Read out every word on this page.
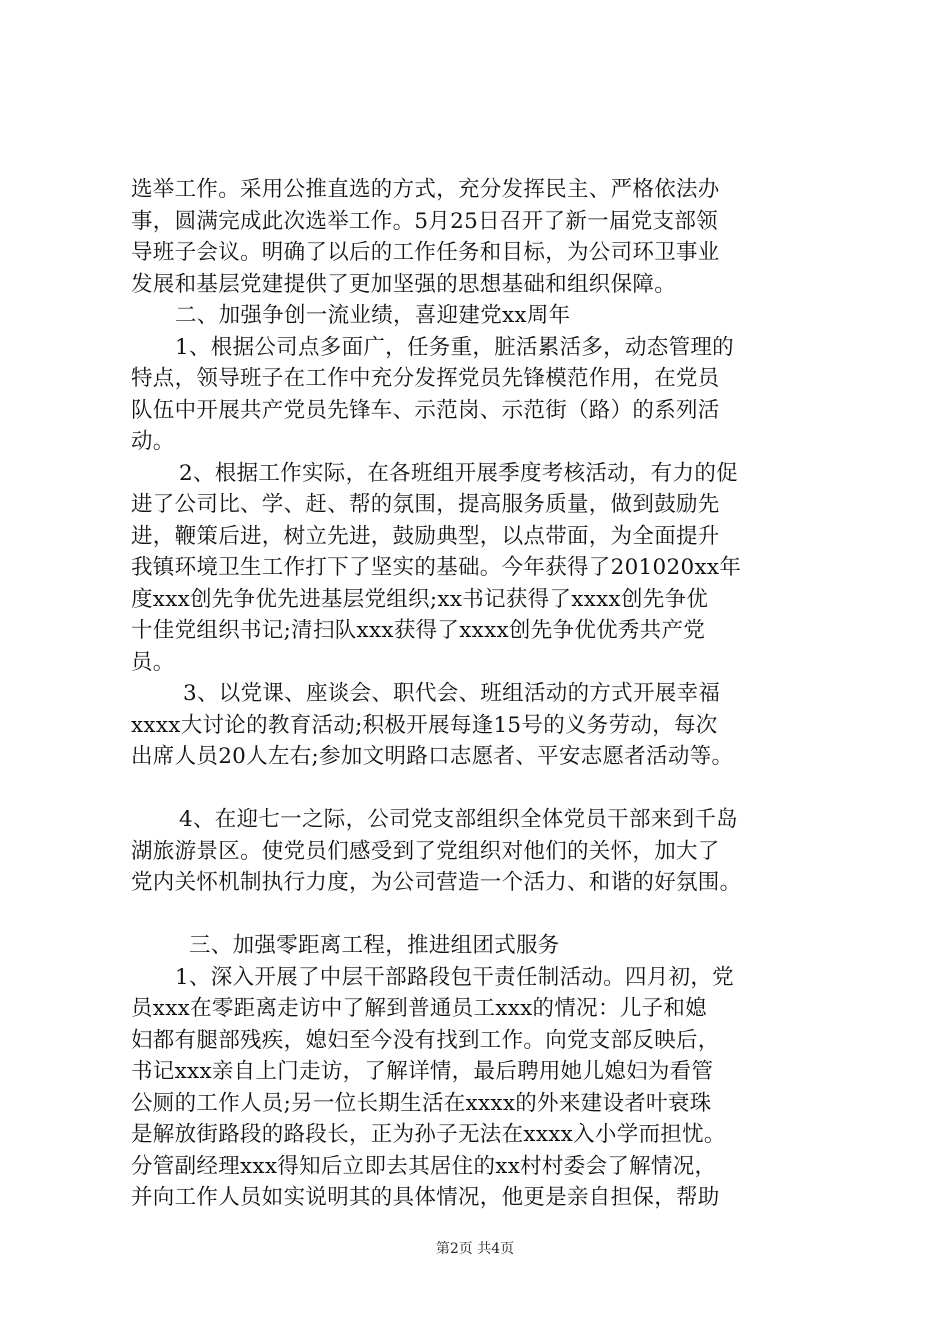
选举工作。采用公推直选的方式，充分发挥民主、严格依法办
事，圆满完成此次选举工作。5月25日召开了新一届党支部领
导班子会议。明确了以后的工作任务和目标，为公司环卫事业
发展和基层党建提供了更加坚强的思想基础和组织保障。
二、加强争创一流业绩，喜迎建党xx周年
1、根据公司点多面广，任务重，脏活累活多，动态管理的
特点，领导班子在工作中充分发挥党员先锋模范作用，在党员
队伍中开展共产党员先锋车、示范岗、示范街（路）的系列活
动。
2、根据工作实际，在各班组开展季度考核活动，有力的促
进了公司比、学、赶、帮的氛围，提高服务质量，做到鼓励先
进，鞭策后进，树立先进，鼓励典型，以点带面，为全面提升
我镇环境卫生工作打下了坚实的基础。今年获得了201020xx年
度xxx创先争优先进基层党组织;xx书记获得了xxxx创先争优
十佳党组织书记;清扫队xxx获得了xxxx创先争优优秀共产党
员。
3、以党课、座谈会、职代会、班组活动的方式开展幸福
xxxx大讨论的教育活动;积极开展每逢15号的义务劳动，每次
出席人员20人左右;参加文明路口志愿者、平安志愿者活动等。
4、在迎七一之际，公司党支部组织全体党员干部来到千岛
湖旅游景区。使党员们感受到了党组织对他们的关怀，加大了
党内关怀机制执行力度，为公司营造一个活力、和谐的好氛围。
三、加强零距离工程，推进组团式服务
1、深入开展了中层干部路段包干责任制活动。四月初，党
员xxx在零距离走访中了解到普通员工xxx的情况：儿子和媳
妇都有腿部残疾，媳妇至今没有找到工作。向党支部反映后，
书记xxx亲自上门走访，了解详情，最后聘用她儿媳妇为看管
公厕的工作人员;另一位长期生活在xxxx的外来建设者叶衰珠
是解放街路段的路段长，正为孙子无法在xxxx入小学而担忧。
分管副经理xxx得知后立即去其居住的xx村村委会了解情况，
并向工作人员如实说明其的具体情况，他更是亲自担保，帮助
第2页 共4页
